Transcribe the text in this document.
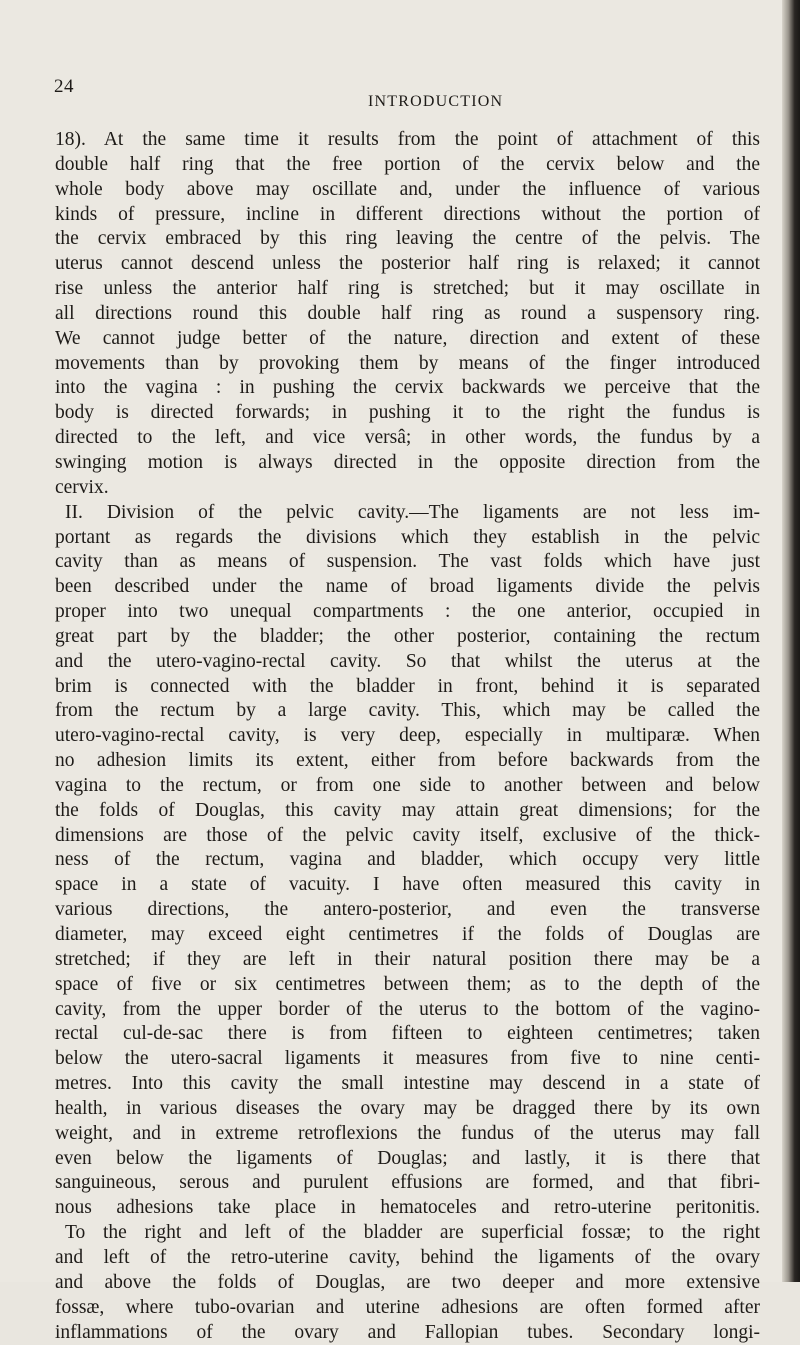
24
INTRODUCTION
18). At the same time it results from the point of attachment of this
double half ring that the free portion of the cervix below and the
whole body above may oscillate and, under the influence of various
kinds of pressure, incline in different directions without the portion of
the cervix embraced by this ring leaving the centre of the pelvis. The
uterus cannot descend unless the posterior half ring is relaxed; it cannot
rise unless the anterior half ring is stretched; but it may oscillate in
all directions round this double half ring as round a suspensory ring.
We cannot judge better of the nature, direction and extent of these
movements than by provoking them by means of the finger introduced
into the vagina : in pushing the cervix backwards we perceive that the
body is directed forwards; in pushing it to the right the fundus is
directed to the left, and vice versâ; in other words, the fundus by a
swinging motion is always directed in the opposite direction from the
cervix.
II. Division of the pelvic cavity.—The ligaments are not less im-
portant as regards the divisions which they establish in the pelvic
cavity than as means of suspension. The vast folds which have just
been described under the name of broad ligaments divide the pelvis
proper into two unequal compartments : the one anterior, occupied in
great part by the bladder; the other posterior, containing the rectum
and the utero-vagino-rectal cavity. So that whilst the uterus at the
brim is connected with the bladder in front, behind it is separated
from the rectum by a large cavity. This, which may be called the
utero-vagino-rectal cavity, is very deep, especially in multiparæ. When
no adhesion limits its extent, either from before backwards from the
vagina to the rectum, or from one side to another between and below
the folds of Douglas, this cavity may attain great dimensions; for the
dimensions are those of the pelvic cavity itself, exclusive of the thick-
ness of the rectum, vagina and bladder, which occupy very little
space in a state of vacuity. I have often measured this cavity in
various directions, the antero-posterior, and even the transverse
diameter, may exceed eight centimetres if the folds of Douglas are
stretched; if they are left in their natural position there may be a
space of five or six centimetres between them; as to the depth of the
cavity, from the upper border of the uterus to the bottom of the vagino-
rectal cul-de-sac there is from fifteen to eighteen centimetres; taken
below the utero-sacral ligaments it measures from five to nine centi-
metres. Into this cavity the small intestine may descend in a state of
health, in various diseases the ovary may be dragged there by its own
weight, and in extreme retroflexions the fundus of the uterus may fall
even below the ligaments of Douglas; and lastly, it is there that
sanguineous, serous and purulent effusions are formed, and that fibri-
nous adhesions take place in hematoceles and retro-uterine peritonitis.
To the right and left of the bladder are superficial fossæ; to the right
and left of the retro-uterine cavity, behind the ligaments of the ovary
and above the folds of Douglas, are two deeper and more extensive
fossæ, where tubo-ovarian and uterine adhesions are often formed after
inflammations of the ovary and Fallopian tubes. Secondary longi-
